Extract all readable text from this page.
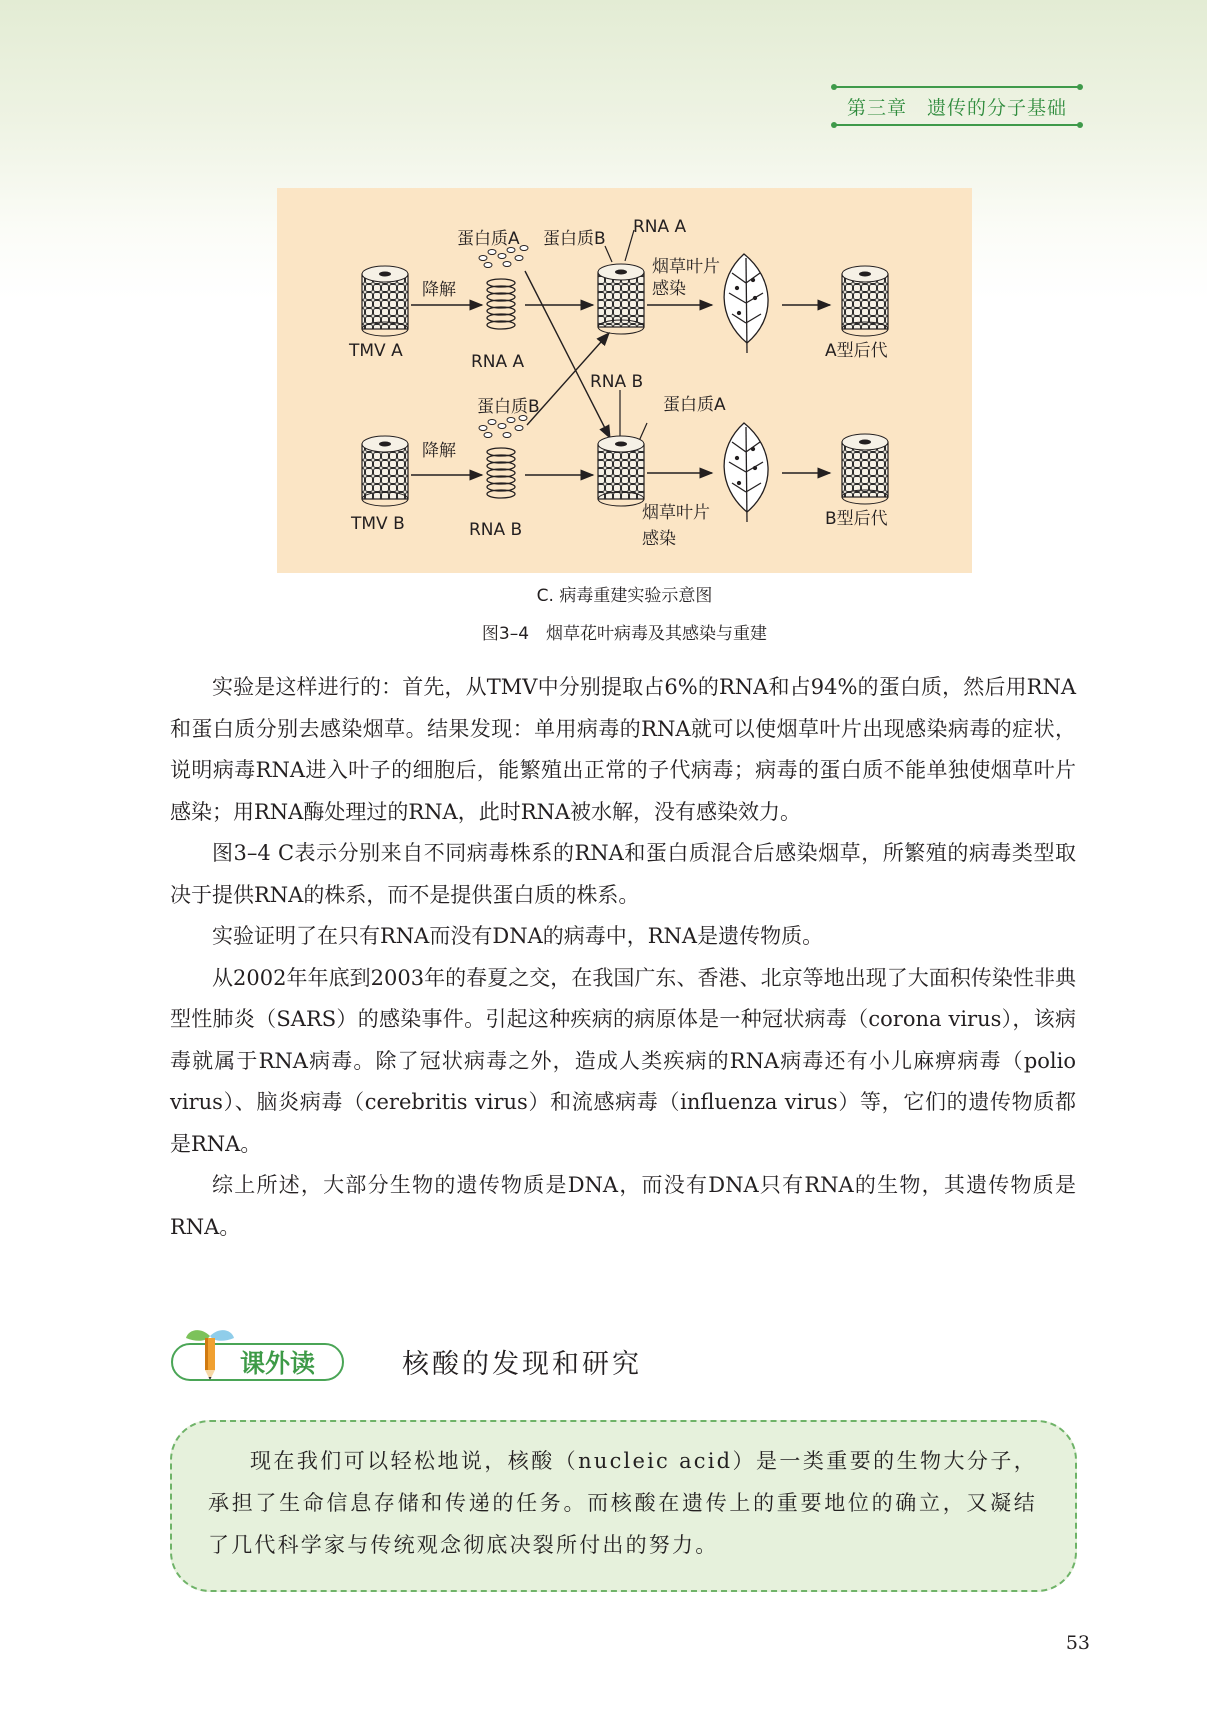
第三章 遗传的分子基础
蛋白质A 蛋白质B
RNA A
降解
烟草叶片
感染
TMV A
RNA A
A型后代
RNA B
蛋白质B	蛋白质A
降解
烟草叶片
感染
TMV B	RNA B
B型后代
C. 病毒重建实验示意图
图3–4　烟草花叶病毒及其感染与重建

实验是这样进行的：首先，从TMV中分别提取占6%的RNA和占94%的蛋白质，然后用RNA和蛋白质分别去感染烟草。结果发现：单用病毒的RNA就可以使烟草叶片出现感染病毒的症状，说明病毒RNA进入叶子的细胞后，能繁殖出正常的子代病毒；病毒的蛋白质不能单独使烟草叶片感染；用RNA酶处理过的RNA，此时RNA被水解，没有感染效力。

图3–4 C表示分别来自不同病毒株系的RNA和蛋白质混合后感染烟草，所繁殖的病毒类型取决于提供RNA的株系，而不是提供蛋白质的株系。

实验证明了在只有RNA而没有DNA的病毒中，RNA是遗传物质。

从2002年年底到2003年的春夏之交，在我国广东、香港、北京等地出现了大面积传染性非典型性肺炎（SARS）的感染事件。引起这种疾病的病原体是一种冠状病毒（corona virus），该病毒就属于RNA病毒。除了冠状病毒之外，造成人类疾病的RNA病毒还有小儿麻痹病毒（polio virus）、脑炎病毒（cerebritis virus）和流感病毒（influenza virus）等，它们的遗传物质都是RNA。

综上所述，大部分生物的遗传物质是DNA，而没有DNA只有RNA的生物，其遗传物质是RNA。

课外读	核酸的发现和研究

现在我们可以轻松地说，核酸（nucleic acid）是一类重要的生物大分子，承担了生命信息存储和传递的任务。而核酸在遗传上的重要地位的确立，又凝结了几代科学家与传统观念彻底决裂所付出的努力。

53
